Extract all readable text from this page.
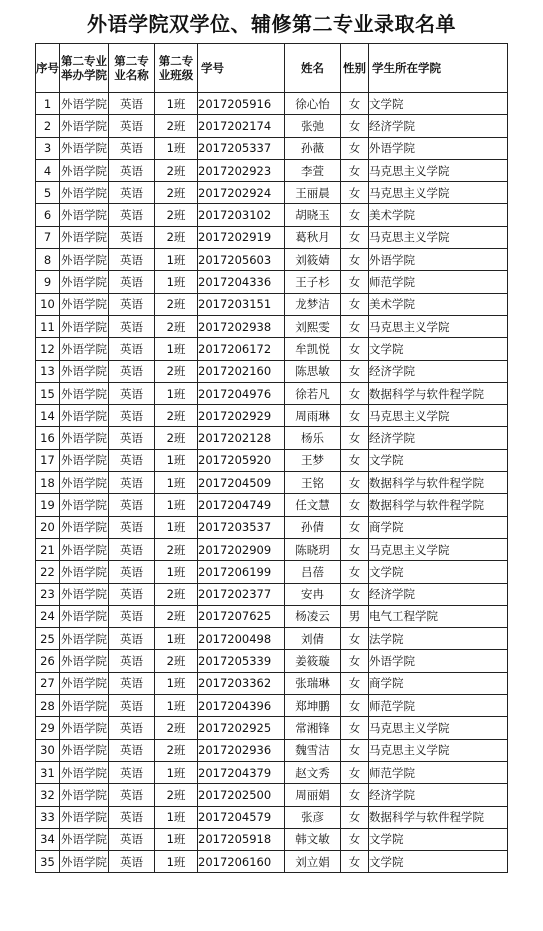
外语学院双学位、辅修第二专业录取名单
序号	第二专业举办学院	第二专业名称	第二专业班级	学号	姓名	性别	学生所在学院
1	外语学院	英语	1班	2017205916	徐心怡	女	文学院
2	外语学院	英语	2班	2017202174	张弛	女	经济学院
3	外语学院	英语	1班	2017205337	孙薇	女	外语学院
4	外语学院	英语	2班	2017202923	李萱	女	马克思主义学院
5	外语学院	英语	2班	2017202924	王丽晨	女	马克思主义学院
6	外语学院	英语	2班	2017203102	胡晓玉	女	美术学院
7	外语学院	英语	2班	2017202919	葛秋月	女	马克思主义学院
8	外语学院	英语	1班	2017205603	刘筱婧	女	外语学院
9	外语学院	英语	1班	2017204336	王子杉	女	师范学院
10	外语学院	英语	2班	2017203151	龙梦洁	女	美术学院
11	外语学院	英语	2班	2017202938	刘熙雯	女	马克思主义学院
12	外语学院	英语	1班	2017206172	牟凯悦	女	文学院
13	外语学院	英语	2班	2017202160	陈思敏	女	经济学院
15	外语学院	英语	1班	2017204976	徐若凡	女	数据科学与软件程学院
14	外语学院	英语	2班	2017202929	周雨琳	女	马克思主义学院
16	外语学院	英语	2班	2017202128	杨乐	女	经济学院
17	外语学院	英语	1班	2017205920	王梦	女	文学院
18	外语学院	英语	1班	2017204509	王铭	女	数据科学与软件程学院
19	外语学院	英语	1班	2017204749	任文慧	女	数据科学与软件程学院
20	外语学院	英语	1班	2017203537	孙倩	女	商学院
21	外语学院	英语	2班	2017202909	陈晓玥	女	马克思主义学院
22	外语学院	英语	1班	2017206199	吕蓓	女	文学院
23	外语学院	英语	2班	2017202377	安冉	女	经济学院
24	外语学院	英语	2班	2017207625	杨凌云	男	电气工程学院
25	外语学院	英语	1班	2017200498	刘倩	女	法学院
26	外语学院	英语	2班	2017205339	姜筱璇	女	外语学院
27	外语学院	英语	1班	2017203362	张瑞琳	女	商学院
28	外语学院	英语	1班	2017204396	郑坤鹏	女	师范学院
29	外语学院	英语	2班	2017202925	常湘锋	女	马克思主义学院
30	外语学院	英语	2班	2017202936	魏雪洁	女	马克思主义学院
31	外语学院	英语	1班	2017204379	赵文秀	女	师范学院
32	外语学院	英语	2班	2017202500	周丽娟	女	经济学院
33	外语学院	英语	1班	2017204579	张彦	女	数据科学与软件程学院
34	外语学院	英语	1班	2017205918	韩文敏	女	文学院
35	外语学院	英语	1班	2017206160	刘立娟	女	文学院
